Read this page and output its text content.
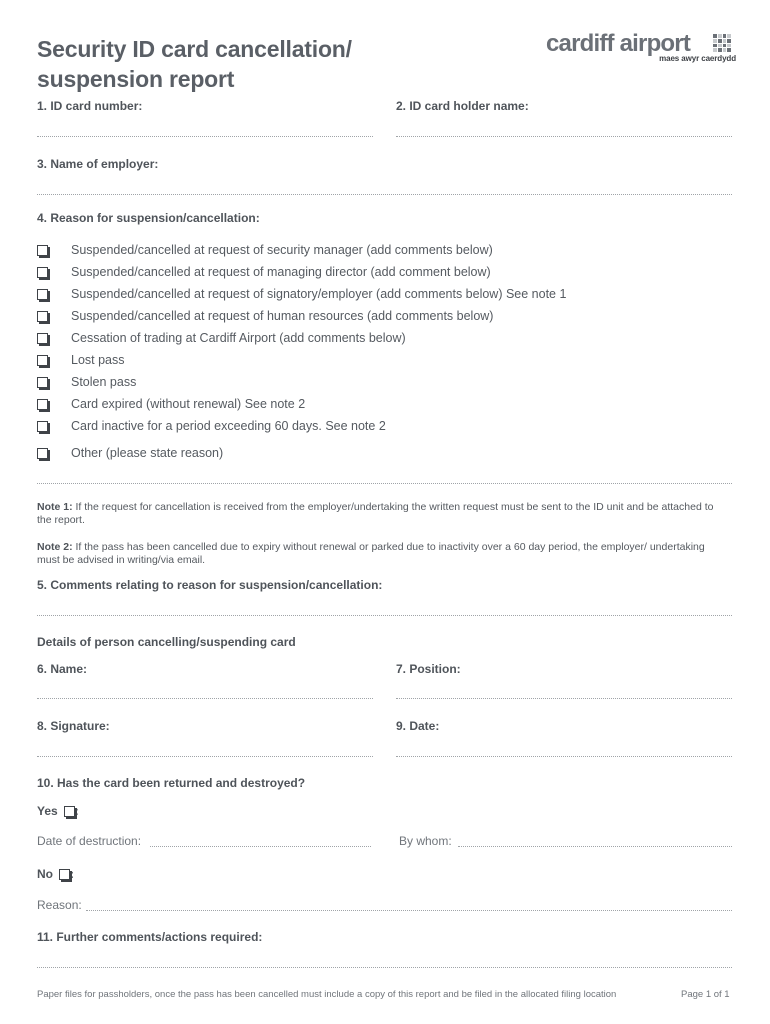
Security ID card cancellation/
suspension report
cardiff airport
maes awyr caerdydd
1. ID card number:	2. ID card holder name:
3. Name of employer:
4. Reason for suspension/cancellation:
Suspended/cancelled at request of security manager (add comments below)
Suspended/cancelled at request of managing director (add comment below)
Suspended/cancelled at request of signatory/employer (add comments below) See note 1
Suspended/cancelled at request of human resources (add comments below)
Cessation of trading at Cardiff Airport (add comments below)
Lost pass
Stolen pass
Card expired (without renewal) See note 2
Card inactive for a period exceeding 60 days. See note 2
Other (please state reason)
Note 1: If the request for cancellation is received from the employer/undertaking the written request must be sent to the ID unit and be attached to the report.
Note 2: If the pass has been cancelled due to expiry without renewal or parked due to inactivity over a 60 day period, the employer/ undertaking must be advised in writing/via email.
5. Comments relating to reason for suspension/cancellation:
Details of person cancelling/suspending card
6. Name:	7. Position:
8. Signature:	9. Date:
10. Has the card been returned and destroyed?
Yes :
Date of destruction:	By whom:
No :
Reason:
11. Further comments/actions required:
Paper files for passholders, once the pass has been cancelled must include a copy of this report and be filed in the allocated filing location	Page 1 of 1
